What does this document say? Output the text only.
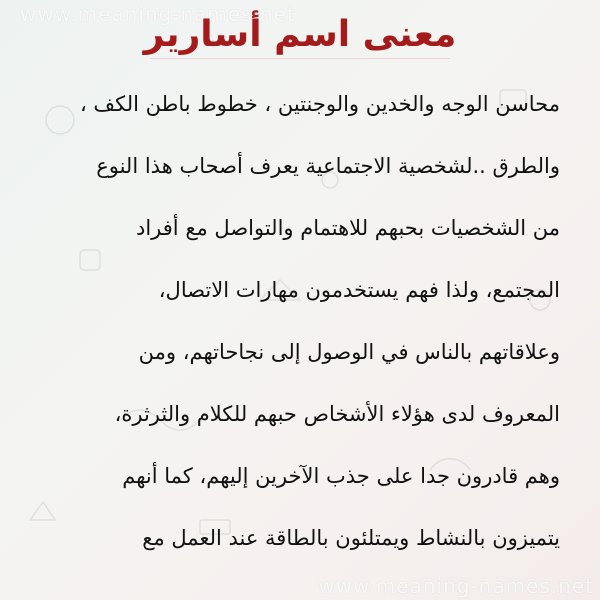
www.meaning-names.net
معنى اسم أسارير
محاسن الوجه والخدين والوجنتين ، خطوط باطن الكف ،
والطرق ..لشخصية الاجتماعية يعرف أصحاب هذا النوع
من الشخصيات بحبهم للاهتمام والتواصل مع أفراد
المجتمع، ولذا فهم يستخدمون مهارات الاتصال،
وعلاقاتهم بالناس في الوصول إلى نجاحاتهم، ومن
المعروف لدى هؤلاء الأشخاص حبهم للكلام والثرثرة،
وهم قادرون جدا على جذب الآخرين إليهم، كما أنهم
يتميزون بالنشاط ويمتلئون بالطاقة عند العمل مع
www.meaning-names.net
